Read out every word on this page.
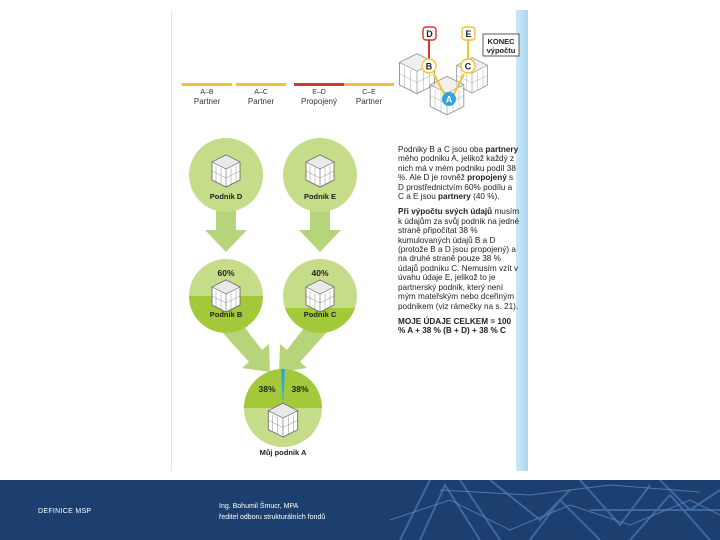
A–B
Partner
A–C
Partner
E–D
Propojený
C–E
Partner
D	E
B	C
A
KONEC
výpočtu
Podnik D	Podnik E
60%
Podnik B
40%
Podnik C
38% 38%
Můj podnik A

Podniky B a C jsou oba partnery mého podniku A, jelikož každý z nich má v mém podniku podíl 38 %. Ale D je rovněž propojený s D prostřednictvím 60% podílu a C a E jsou partnery (40 %).

Při výpočtu svých údajů musím k údajům za svůj podnik na jedné straně připočítat 38 % kumulovaných údajů B a D (protože B a D jsou propojený) a na druhé straně pouze 38 % údajů podniku C. Nemusím vzít v úvahu údaje E, jelikož to je partnerský podnik, který není mým mateřským nebo dceřiným podnikem (viz rámečky na s. 21).

MOJE ÚDAJE CELKEM = 100 % A + 38 % (B + D) + 38 % C

DEFINICE MSP
Ing. Bohumil Šmucr, MPA
ředitel odboru strukturálních fondů
